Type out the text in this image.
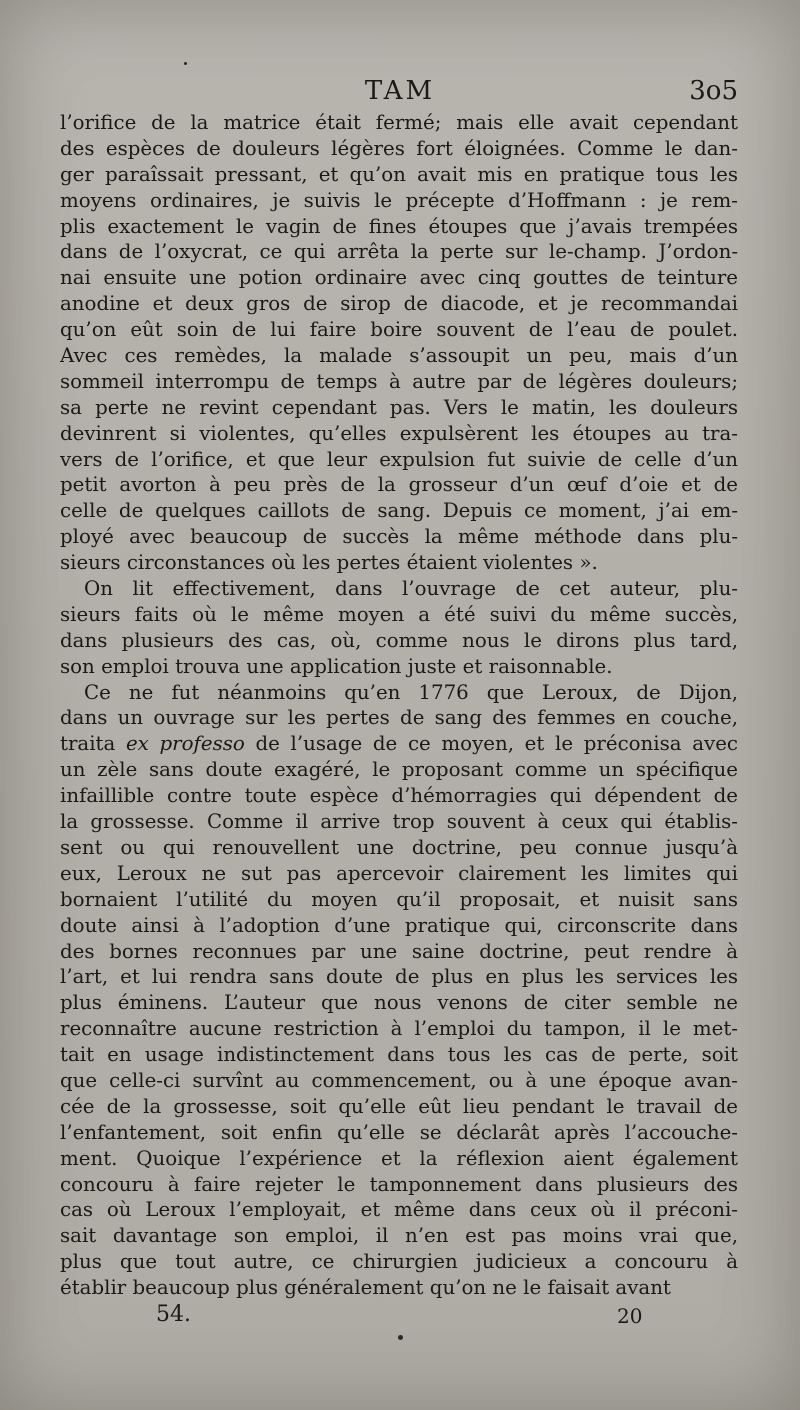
TAM	3o5
l’orifice de la matrice était fermé; mais elle avait cependant
des espèces de douleurs légères fort éloignées. Comme le dan-
ger paraîssait pressant, et qu’on avait mis en pratique tous les
moyens ordinaires, je suivis le précepte d’Hoffmann : je rem-
plis exactement le vagin de fines étoupes que j’avais trempées
dans de l’oxycrat, ce qui arrêta la perte sur le-champ. J’ordon-
nai ensuite une potion ordinaire avec cinq gouttes de teinture
anodine et deux gros de sirop de diacode, et je recommandai
qu’on eût soin de lui faire boire souvent de l’eau de poulet.
Avec ces remèdes, la malade s’assoupit un peu, mais d’un
sommeil interrompu de temps à autre par de légères douleurs;
sa perte ne revint cependant pas. Vers le matin, les douleurs
devinrent si violentes, qu’elles expulsèrent les étoupes au tra-
vers de l’orifice, et que leur expulsion fut suivie de celle d’un
petit avorton à peu près de la grosseur d’un œuf d’oie et de
celle de quelques caillots de sang. Depuis ce moment, j’ai em-
ployé avec beaucoup de succès la même méthode dans plu-
sieurs circonstances où les pertes étaient violentes ».
On lit effectivement, dans l’ouvrage de cet auteur, plu-
sieurs faits où le même moyen a été suivi du même succès,
dans plusieurs des cas, où, comme nous le dirons plus tard,
son emploi trouva une application juste et raisonnable.
Ce ne fut néanmoins qu’en 1776 que Leroux, de Dijon,
dans un ouvrage sur les pertes de sang des femmes en couche,
traita ex professo de l’usage de ce moyen, et le préconisa avec
un zèle sans doute exagéré, le proposant comme un spécifique
infaillible contre toute espèce d’hémorragies qui dépendent de
la grossesse. Comme il arrive trop souvent à ceux qui établis-
sent ou qui renouvellent une doctrine, peu connue jusqu’à
eux, Leroux ne sut pas apercevoir clairement les limites qui
bornaient l’utilité du moyen qu’il proposait, et nuisit sans
doute ainsi à l’adoption d’une pratique qui, circonscrite dans
des bornes reconnues par une saine doctrine, peut rendre à
l’art, et lui rendra sans doute de plus en plus les services les
plus éminens. L’auteur que nous venons de citer semble ne
reconnaître aucune restriction à l’emploi du tampon, il le met-
tait en usage indistinctement dans tous les cas de perte, soit
que celle-ci survînt au commencement, ou à une époque avan-
cée de la grossesse, soit qu’elle eût lieu pendant le travail de
l’enfantement, soit enfin qu’elle se déclarât après l’accouche-
ment. Quoique l’expérience et la réflexion aient également
concouru à faire rejeter le tamponnement dans plusieurs des
cas où Leroux l’employait, et même dans ceux où il préconi-
sait davantage son emploi, il n’en est pas moins vrai que,
plus que tout autre, ce chirurgien judicieux a concouru à
établir beaucoup plus généralement qu’on ne le faisait avant
54.	20
